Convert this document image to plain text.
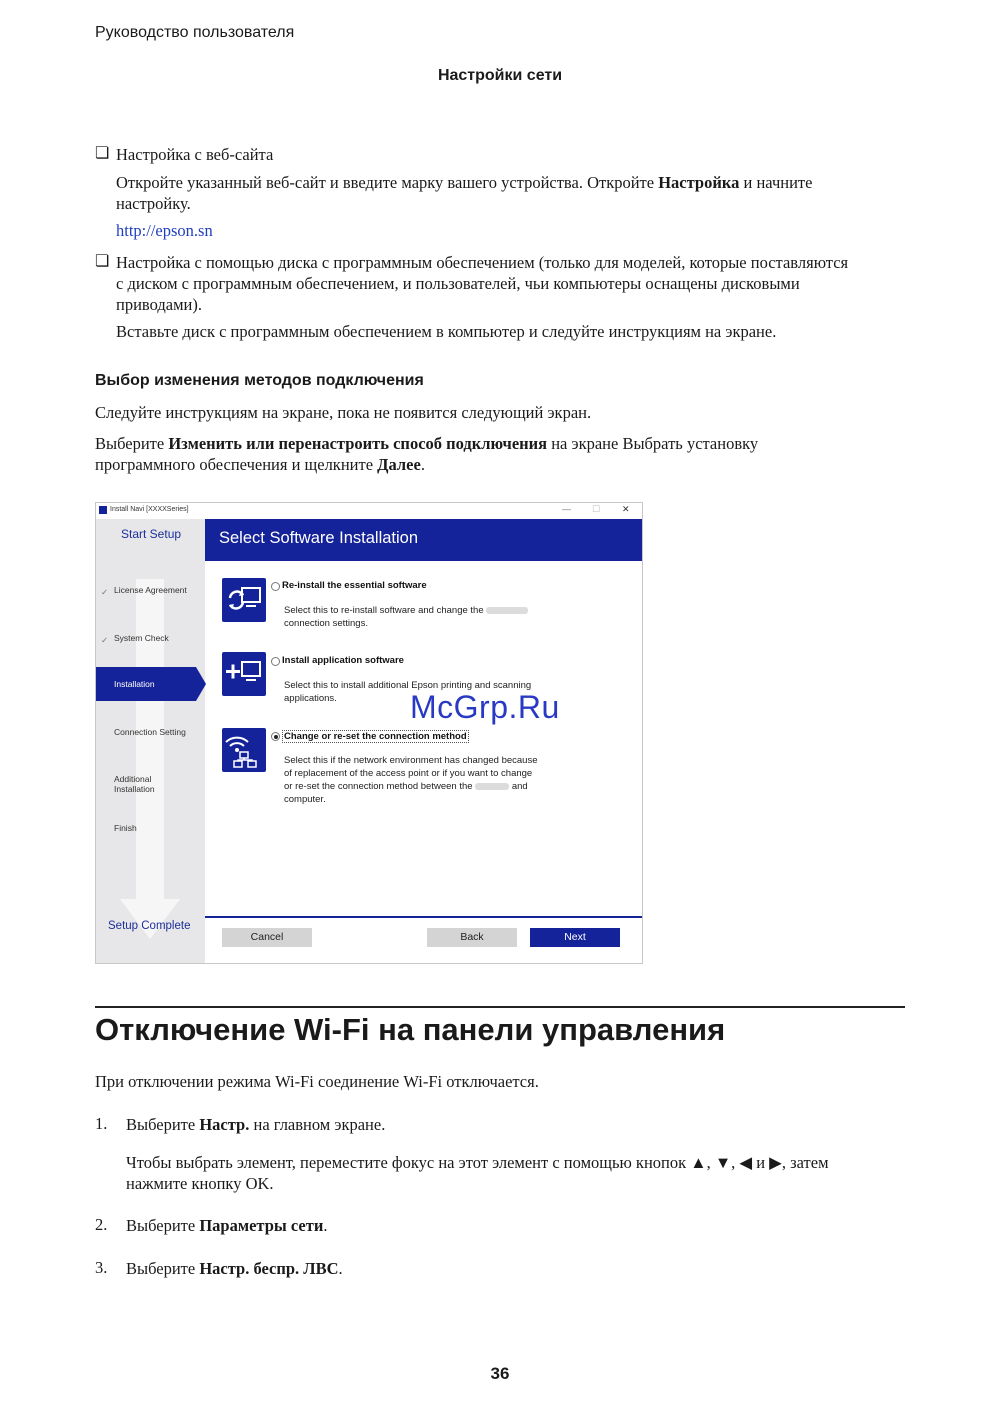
Руководство пользователя
Настройки сети
❏ Настройка с веб-сайта
Откройте указанный веб-сайт и введите марку вашего устройства. Откройте Настройка и начните
настройку.
http://epson.sn
❏ Настройка с помощью диска с программным обеспечением (только для моделей, которые поставляются
с диском с программным обеспечением, и пользователей, чьи компьютеры оснащены дисковыми
приводами).
Вставьте диск с программным обеспечением в компьютер и следуйте инструкциям на экране.
Выбор изменения методов подключения
Следуйте инструкциям на экране, пока не появится следующий экран.
Выберите Изменить или перенастроить способ подключения на экране Выбрать установку
программного обеспечения и щелкните Далее.
Install Navi [XXXXSeries]	— ☐ ✕
Start Setup
✓ License Agreement
✓ System Check
Installation
Connection Setting
Additional Installation
Finish
Setup Complete
Select Software Installation
Re-install the essential software
Select this to re-install software and change the
connection settings.
Install application software
Select this to install additional Epson printing and scanning
applications.
Change or re-set the connection method
Select this if the network environment has changed because
of replacement of the access point or if you want to change
or re-set the connection method between the	and
computer.
Cancel	Back	Next
McGrp.Ru
Отключение Wi-Fi на панели управления
При отключении режима Wi-Fi соединение Wi-Fi отключается.
1. Выберите Настр. на главном экране.
Чтобы выбрать элемент, переместите фокус на этот элемент с помощью кнопок ▲, ▼, ◀ и ▶, затем
нажмите кнопку OK.
2. Выберите Параметры сети.
3. Выберите Настр. беспр. ЛВС.
36
